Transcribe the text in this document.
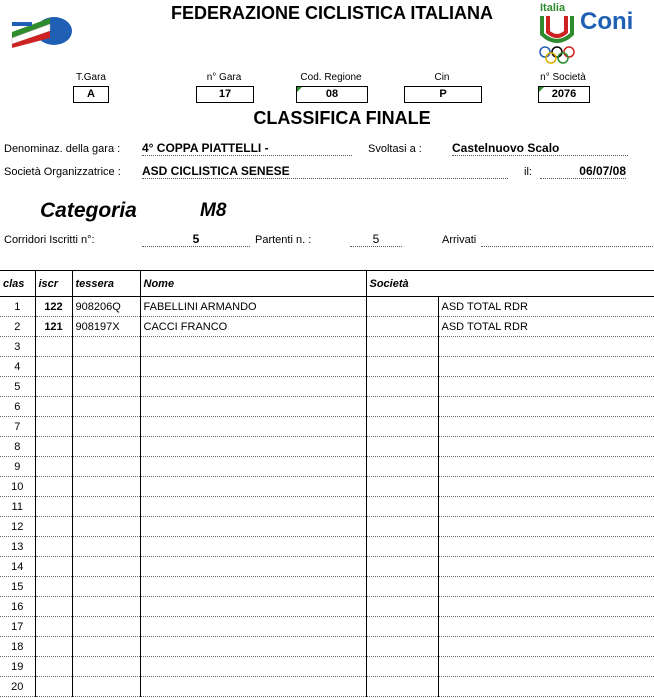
FEDERAZIONE CICLISTICA ITALIANA	Italia Coni
T.Gara
A
n° Gara
17
Cod. Regione
08
Cin
P
n° Società
2076
CLASSIFICA FINALE
Denominaz. della gara : 4° COPPA PIATTELLI -	Svoltasi a :	Castelnuovo Scalo
Società Organizzatrice : ASD CICLISTICA SENESE	il:	06/07/08
Categoria	M8
Corridori Iscritti n°:	5	Partenti n. :	5	Arrivati
clas	iscr	tessera	Nome	Società	
1	122	908206Q	FABELLINI ARMANDO		ASD TOTAL RDR
2	121	908197X	CACCI FRANCO		ASD TOTAL RDR
3					
4					
5					
6					
7					
8					
9					
10					
11					
12					
13					
14					
15					
16					
17					
18					
19					
20					
